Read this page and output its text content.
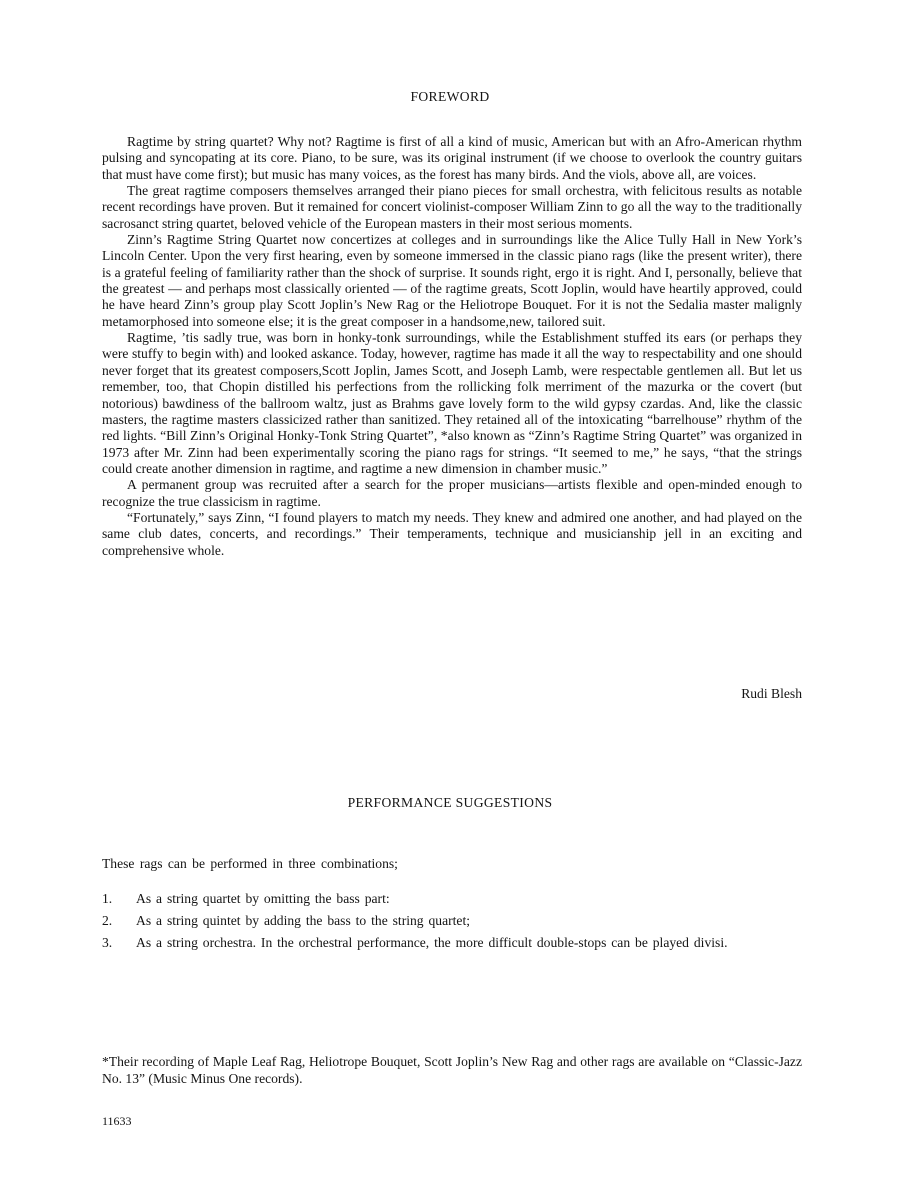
FOREWORD

Ragtime by string quartet? Why not? Ragtime is first of all a kind of music, American but with an Afro-American rhythm pulsing and syncopating at its core. Piano, to be sure, was its original instrument (if we choose to overlook the country guitars that must have come first); but music has many voices, as the forest has many birds. And the viols, above all, are voices.

The great ragtime composers themselves arranged their piano pieces for small orchestra, with felicitous results as notable recent recordings have proven. But it remained for concert violinist-composer William Zinn to go all the way to the traditionally sacrosanct string quartet, beloved vehicle of the European masters in their most serious moments.

Zinn’s Ragtime String Quartet now concertizes at colleges and in surroundings like the Alice Tully Hall in New York’s Lincoln Center. Upon the very first hearing, even by someone immersed in the classic piano rags (like the present writer), there is a grateful feeling of familiarity rather than the shock of surprise. It sounds right, ergo it is right. And I, personally, believe that the greatest — and perhaps most classically oriented — of the ragtime greats, Scott Joplin, would have heartily approved, could he have heard Zinn’s group play Scott Joplin’s New Rag or the Heliotrope Bouquet. For it is not the Sedalia master malignly metamorphosed into someone else; it is the great composer in a handsome,new, tailored suit.

Ragtime, ’tis sadly true, was born in honky-tonk surroundings, while the Establishment stuffed its ears (or perhaps they were stuffy to begin with) and looked askance. Today, however, ragtime has made it all the way to respectability and one should never forget that its greatest composers,Scott Joplin, James Scott, and Joseph Lamb, were respectable gentlemen all. But let us remember, too, that Chopin distilled his perfections from the rollicking folk merriment of the mazurka or the covert (but notorious) bawdiness of the ballroom waltz, just as Brahms gave lovely form to the wild gypsy czardas. And, like the classic masters, the ragtime masters classicized rather than sanitized. They retained all of the intoxicating “barrelhouse” rhythm of the red lights. “Bill Zinn’s Original Honky-Tonk String Quartet”, *also known as “Zinn’s Ragtime String Quartet” was organized in 1973 after Mr. Zinn had been experimentally scoring the piano rags for strings. “It seemed to me,” he says, “that the strings could create another dimension in ragtime, and ragtime a new dimension in chamber music.”

A permanent group was recruited after a search for the proper musicians—artists flexible and open-minded enough to recognize the true classicism in ragtime.

“Fortunately,” says Zinn, “I found players to match my needs. They knew and admired one another, and had played on the same club dates, concerts, and recordings.” Their temperaments, technique and musicianship jell in an exciting and comprehensive whole.

Rudi Blesh
PERFORMANCE SUGGESTIONS
These rags can be performed in three combinations;
1. As a string quartet by omitting the bass part:
2. As a string quintet by adding the bass to the string quartet;
3. As a string orchestra. In the orchestral performance, the more difficult double-stops can be played divisi.
*Their recording of Maple Leaf Rag, Heliotrope Bouquet, Scott Joplin’s New Rag and other rags are available on “Classic-Jazz No. 13” (Music Minus One records).
11633
